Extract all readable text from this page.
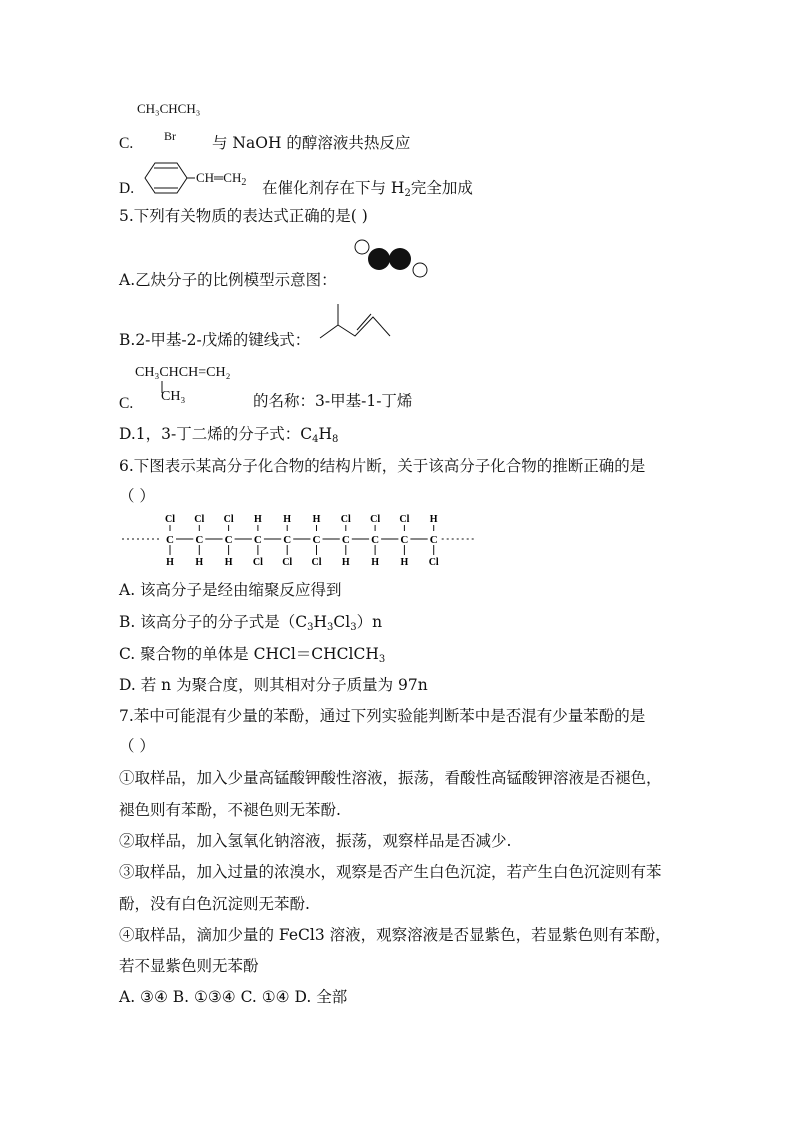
CH₃CHCH₃
Br
C.	与 NaOH 的醇溶液共热反应
D.
$CH═CH_2$ 在催化剂存在下与 $H_2$完全加成
5.下列有关物质的表达式正确的是( )
A.乙炔分子的比例模型示意图：
B.2-甲基-2-戊烯的键线式：
CH₃CHCH=CH₂
CH₃
C.	的名称：3-甲基-1-丁烯
D.1，3-丁二烯的分子式：$C_4H_8$
6.下图表示某高分子化合物的结构片断，关于该高分子化合物的推断正确的是
（ ）
Cl
C
H
Cl
C
H
Cl
C
H
H
C
Cl
H
C
Cl
H
C
Cl
Cl
C
H
Cl
C
H
Cl
C
H
H
C
Cl
A. 该高分子是经由缩聚反应得到
B. 该高分子的分子式是$(C_3H_3Cl_3)n$
C. 聚合物的单体是 CHCl＝CHClCH$_3$
D. 若 n 为聚合度，则其相对分子质量为 97n
7.苯中可能混有少量的苯酚，通过下列实验能判断苯中是否混有少量苯酚的是
（ ）
①取样品，加入少量高锰酸钾酸性溶液，振荡，看酸性高锰酸钾溶液是否褪色，
褪色则有苯酚，不褪色则无苯酚.
②取样品，加入氢氧化钠溶液，振荡，观察样品是否减少.
③取样品，加入过量的浓溴水，观察是否产生白色沉淀，若产生白色沉淀则有苯
酚，没有白色沉淀则无苯酚.
④取样品，滴加少量的 FeCl3 溶液，观察溶液是否显紫色，若显紫色则有苯酚，
若不显紫色则无苯酚
A. ③④ B. ①③④ C. ①④ D. 全部
